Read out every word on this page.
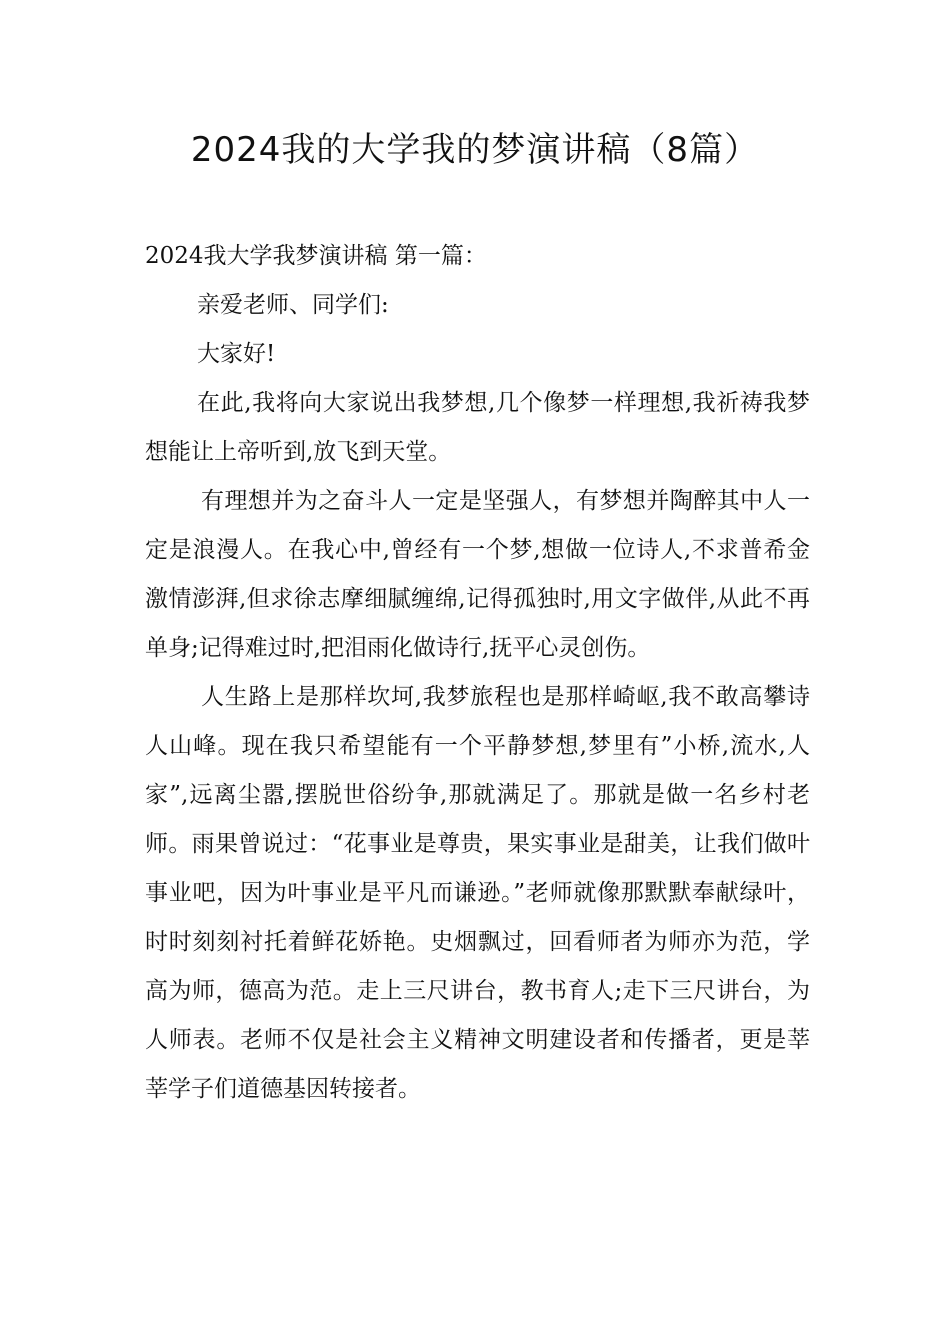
2024我的大学我的梦演讲稿（8篇）

2024我大学我梦演讲稿 第一篇：

亲爱老师、同学们:

大家好!

在此,我将向大家说出我梦想,几个像梦一样理想,我祈祷我梦想能让上帝听到,放飞到天堂。

有理想并为之奋斗人一定是坚强人，有梦想并陶醉其中人一定是浪漫人。在我心中,曾经有一个梦,想做一位诗人,不求普希金激情澎湃,但求徐志摩细腻缠绵,记得孤独时,用文字做伴,从此不再单身;记得难过时,把泪雨化做诗行,抚平心灵创伤。

人生路上是那样坎坷,我梦旅程也是那样崎岖,我不敢高攀诗人山峰。现在我只希望能有一个平静梦想,梦里有”小桥,流水,人家”,远离尘嚣,摆脱世俗纷争,那就满足了。那就是做一名乡村老师。雨果曾说过：“花事业是尊贵，果实事业是甜美，让我们做叶事业吧，因为叶事业是平凡而谦逊。”老师就像那默默奉献绿叶，时时刻刻衬托着鲜花娇艳。史烟飘过，回看师者为师亦为范，学高为师，德高为范。走上三尺讲台，教书育人;走下三尺讲台，为人师表。老师不仅是社会主义精神文明建设者和传播者，更是莘莘学子们道德基因转接者。
